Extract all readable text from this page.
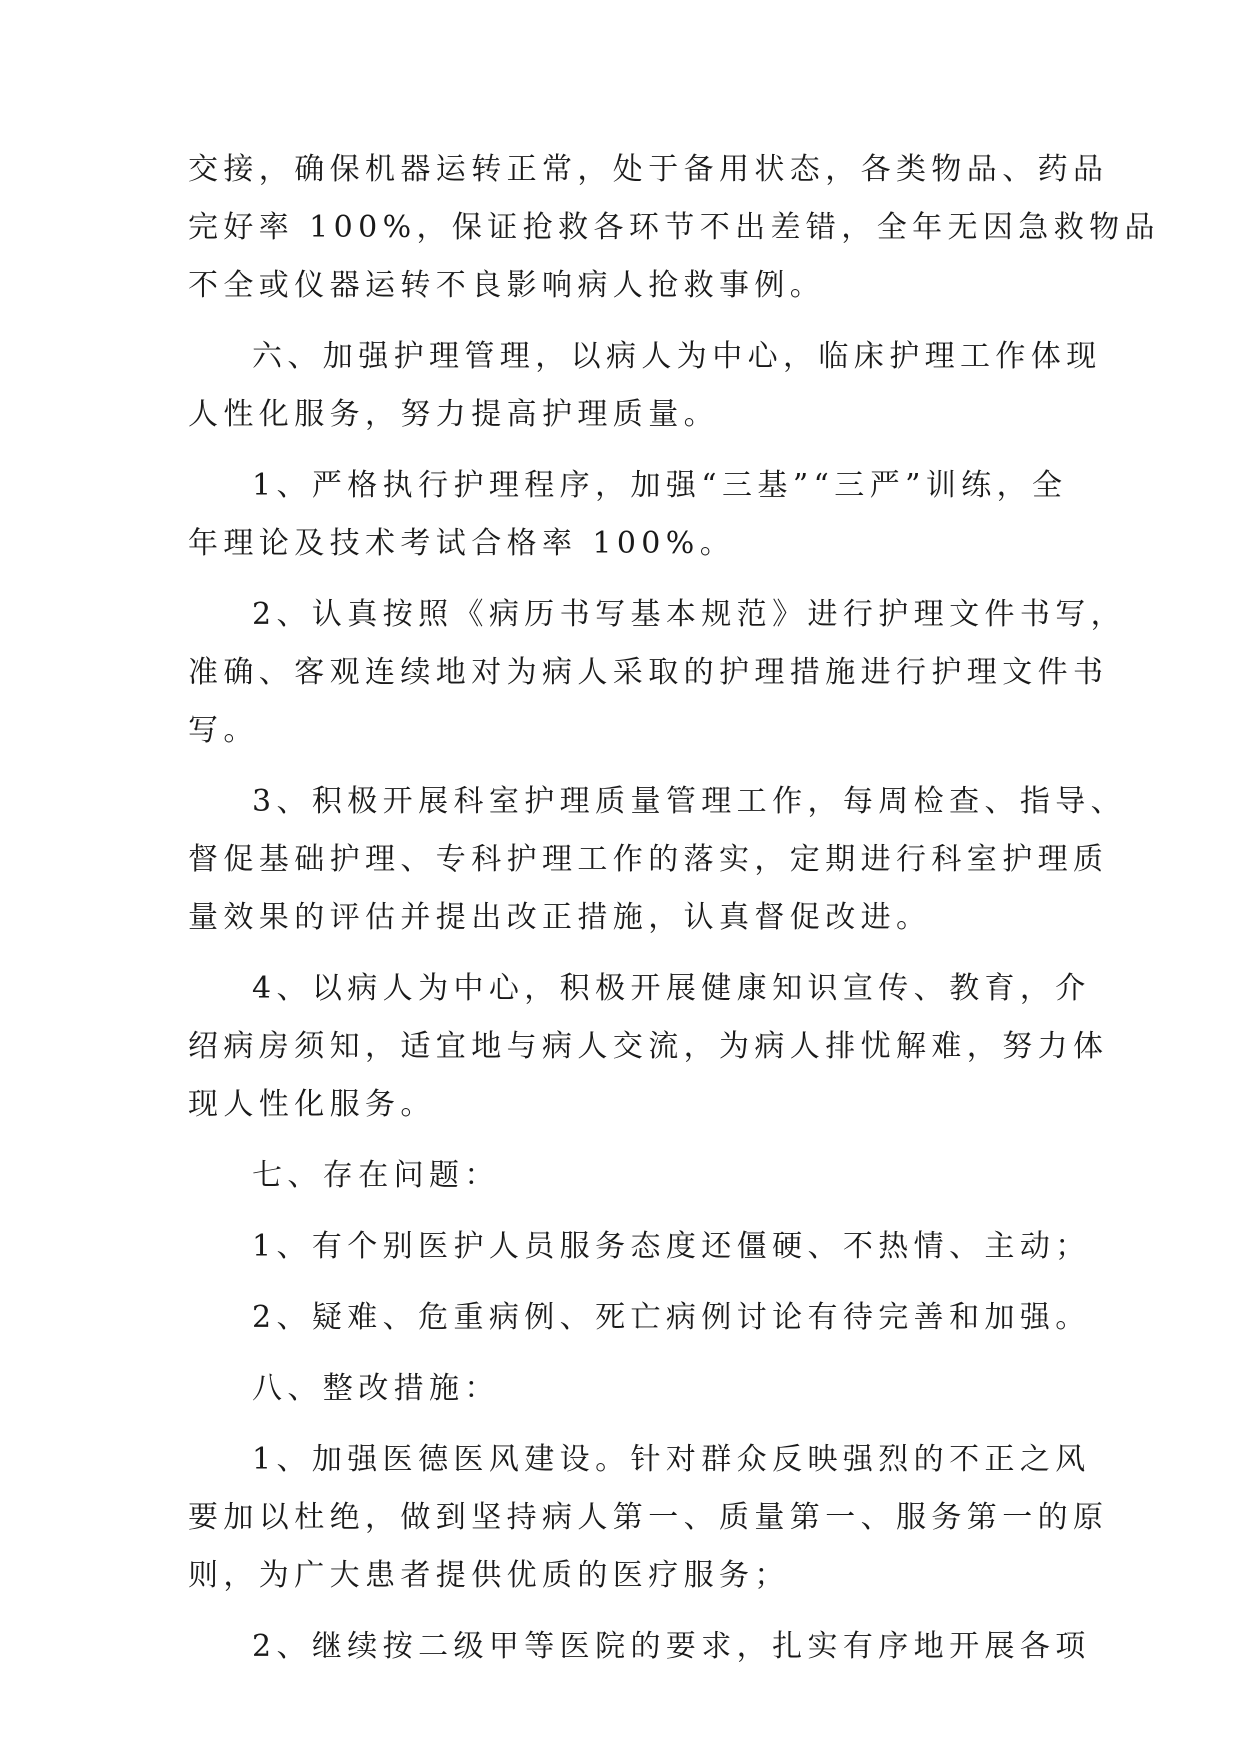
交接，确保机器运转正常，处于备用状态，各类物品、药品

完好率 100%，保证抢救各环节不出差错，全年无因急救物品

不全或仪器运转不良影响病人抢救事例。

六、加强护理管理，以病人为中心，临床护理工作体现

人性化服务，努力提高护理质量。

1、严格执行护理程序，加强“三基”“三严”训练，全

年理论及技术考试合格率 100%。

2、认真按照《病历书写基本规范》进行护理文件书写，

准确、客观连续地对为病人采取的护理措施进行护理文件书

写。

3、积极开展科室护理质量管理工作，每周检查、指导、

督促基础护理、专科护理工作的落实，定期进行科室护理质

量效果的评估并提出改正措施，认真督促改进。

4、以病人为中心，积极开展健康知识宣传、教育，介

绍病房须知，适宜地与病人交流，为病人排忧解难，努力体

现人性化服务。

七、存在问题：

1、有个别医护人员服务态度还僵硬、不热情、主动；

2、疑难、危重病例、死亡病例讨论有待完善和加强。

八、整改措施：

1、加强医德医风建设。针对群众反映强烈的不正之风

要加以杜绝，做到坚持病人第一、质量第一、服务第一的原

则，为广大患者提供优质的医疗服务；

2、继续按二级甲等医院的要求，扎实有序地开展各项
